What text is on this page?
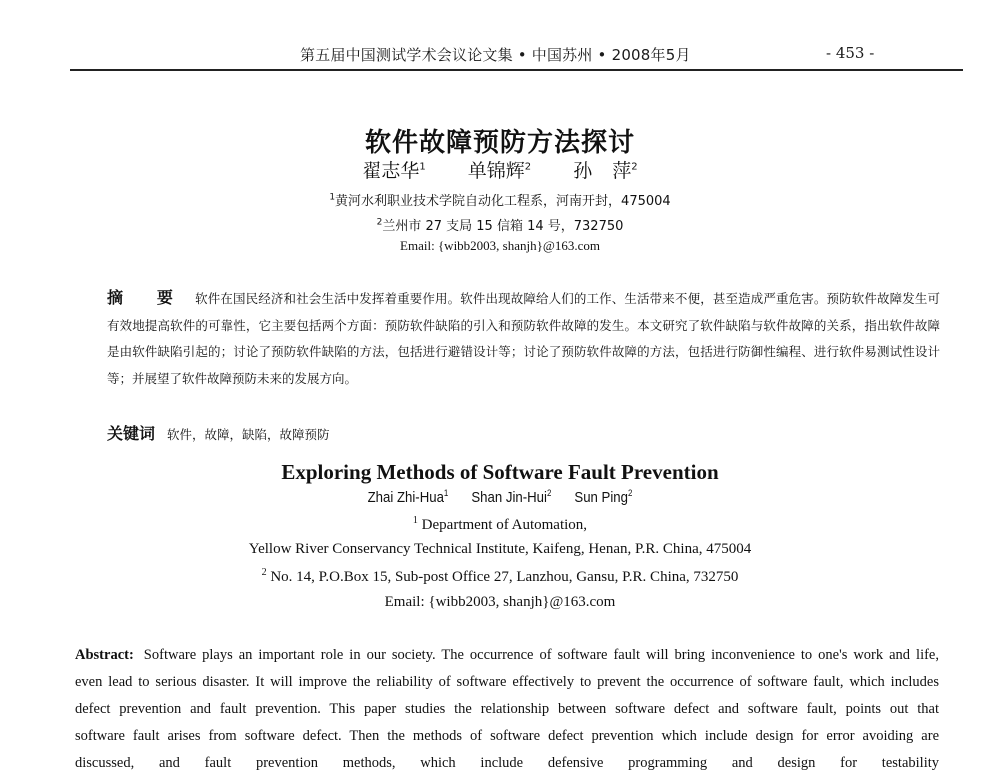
第五届中国测试学术会议论文集 • 中国苏州 • 2008年5月	- 453 -
软件故障预防方法探讨
翟志华$^1$ 单锦辉$^2$ 孙 萍$^2$
$^1$黄河水利职业技术学院自动化工程系，河南开封，475004
$^2$兰州市 27 支局 15 信箱 14 号，732750
Email: {wibb2003, shanjh}@163.com
摘 要 软件在国民经济和社会生活中发挥着重要作用。软件出现故障给人们的工作、生活带来不便，甚至造成严重危害。预防软件故障发生可有效地提高软件的可靠性，它主要包括两个方面：预防软件缺陷的引入和预防软件故障的发生。本文研究了软件缺陷与软件故障的关系，指出软件故障是由软件缺陷引起的；讨论了预防软件缺陷的方法，包括进行避错设计等；讨论了预防软件故障的方法，包括进行防御性编程、进行软件易测试性设计等；并展望了软件故障预防未来的发展方向。
关键词 软件，故障，缺陷，故障预防
Exploring Methods of Software Fault Prevention
Zhai Zhi-Hua$^1$ Shan Jin-Hui$^2$ Sun Ping$^2$
$^1$ Department of Automation,
Yellow River Conservancy Technical Institute, Kaifeng, Henan, P.R. China, 475004
$^2$ No. 14, P.O.Box 15, Sub-post Office 27, Lanzhou, Gansu, P.R. China, 732750
Email: {wibb2003, shanjh}@163.com
Abstract: Software plays an important role in our society. The occurrence of software fault will bring inconvenience to one's work and life,
even lead to serious disaster. It will improve the reliability of software effectively to prevent the occurrence of software fault, which includes
defect prevention and fault prevention. This paper studies the relationship between software defect and software fault, points out that
software fault arises from software defect. Then the methods of software defect prevention which include design for error avoiding are
discussed, and fault prevention methods, which include defensive programming and design for testability
